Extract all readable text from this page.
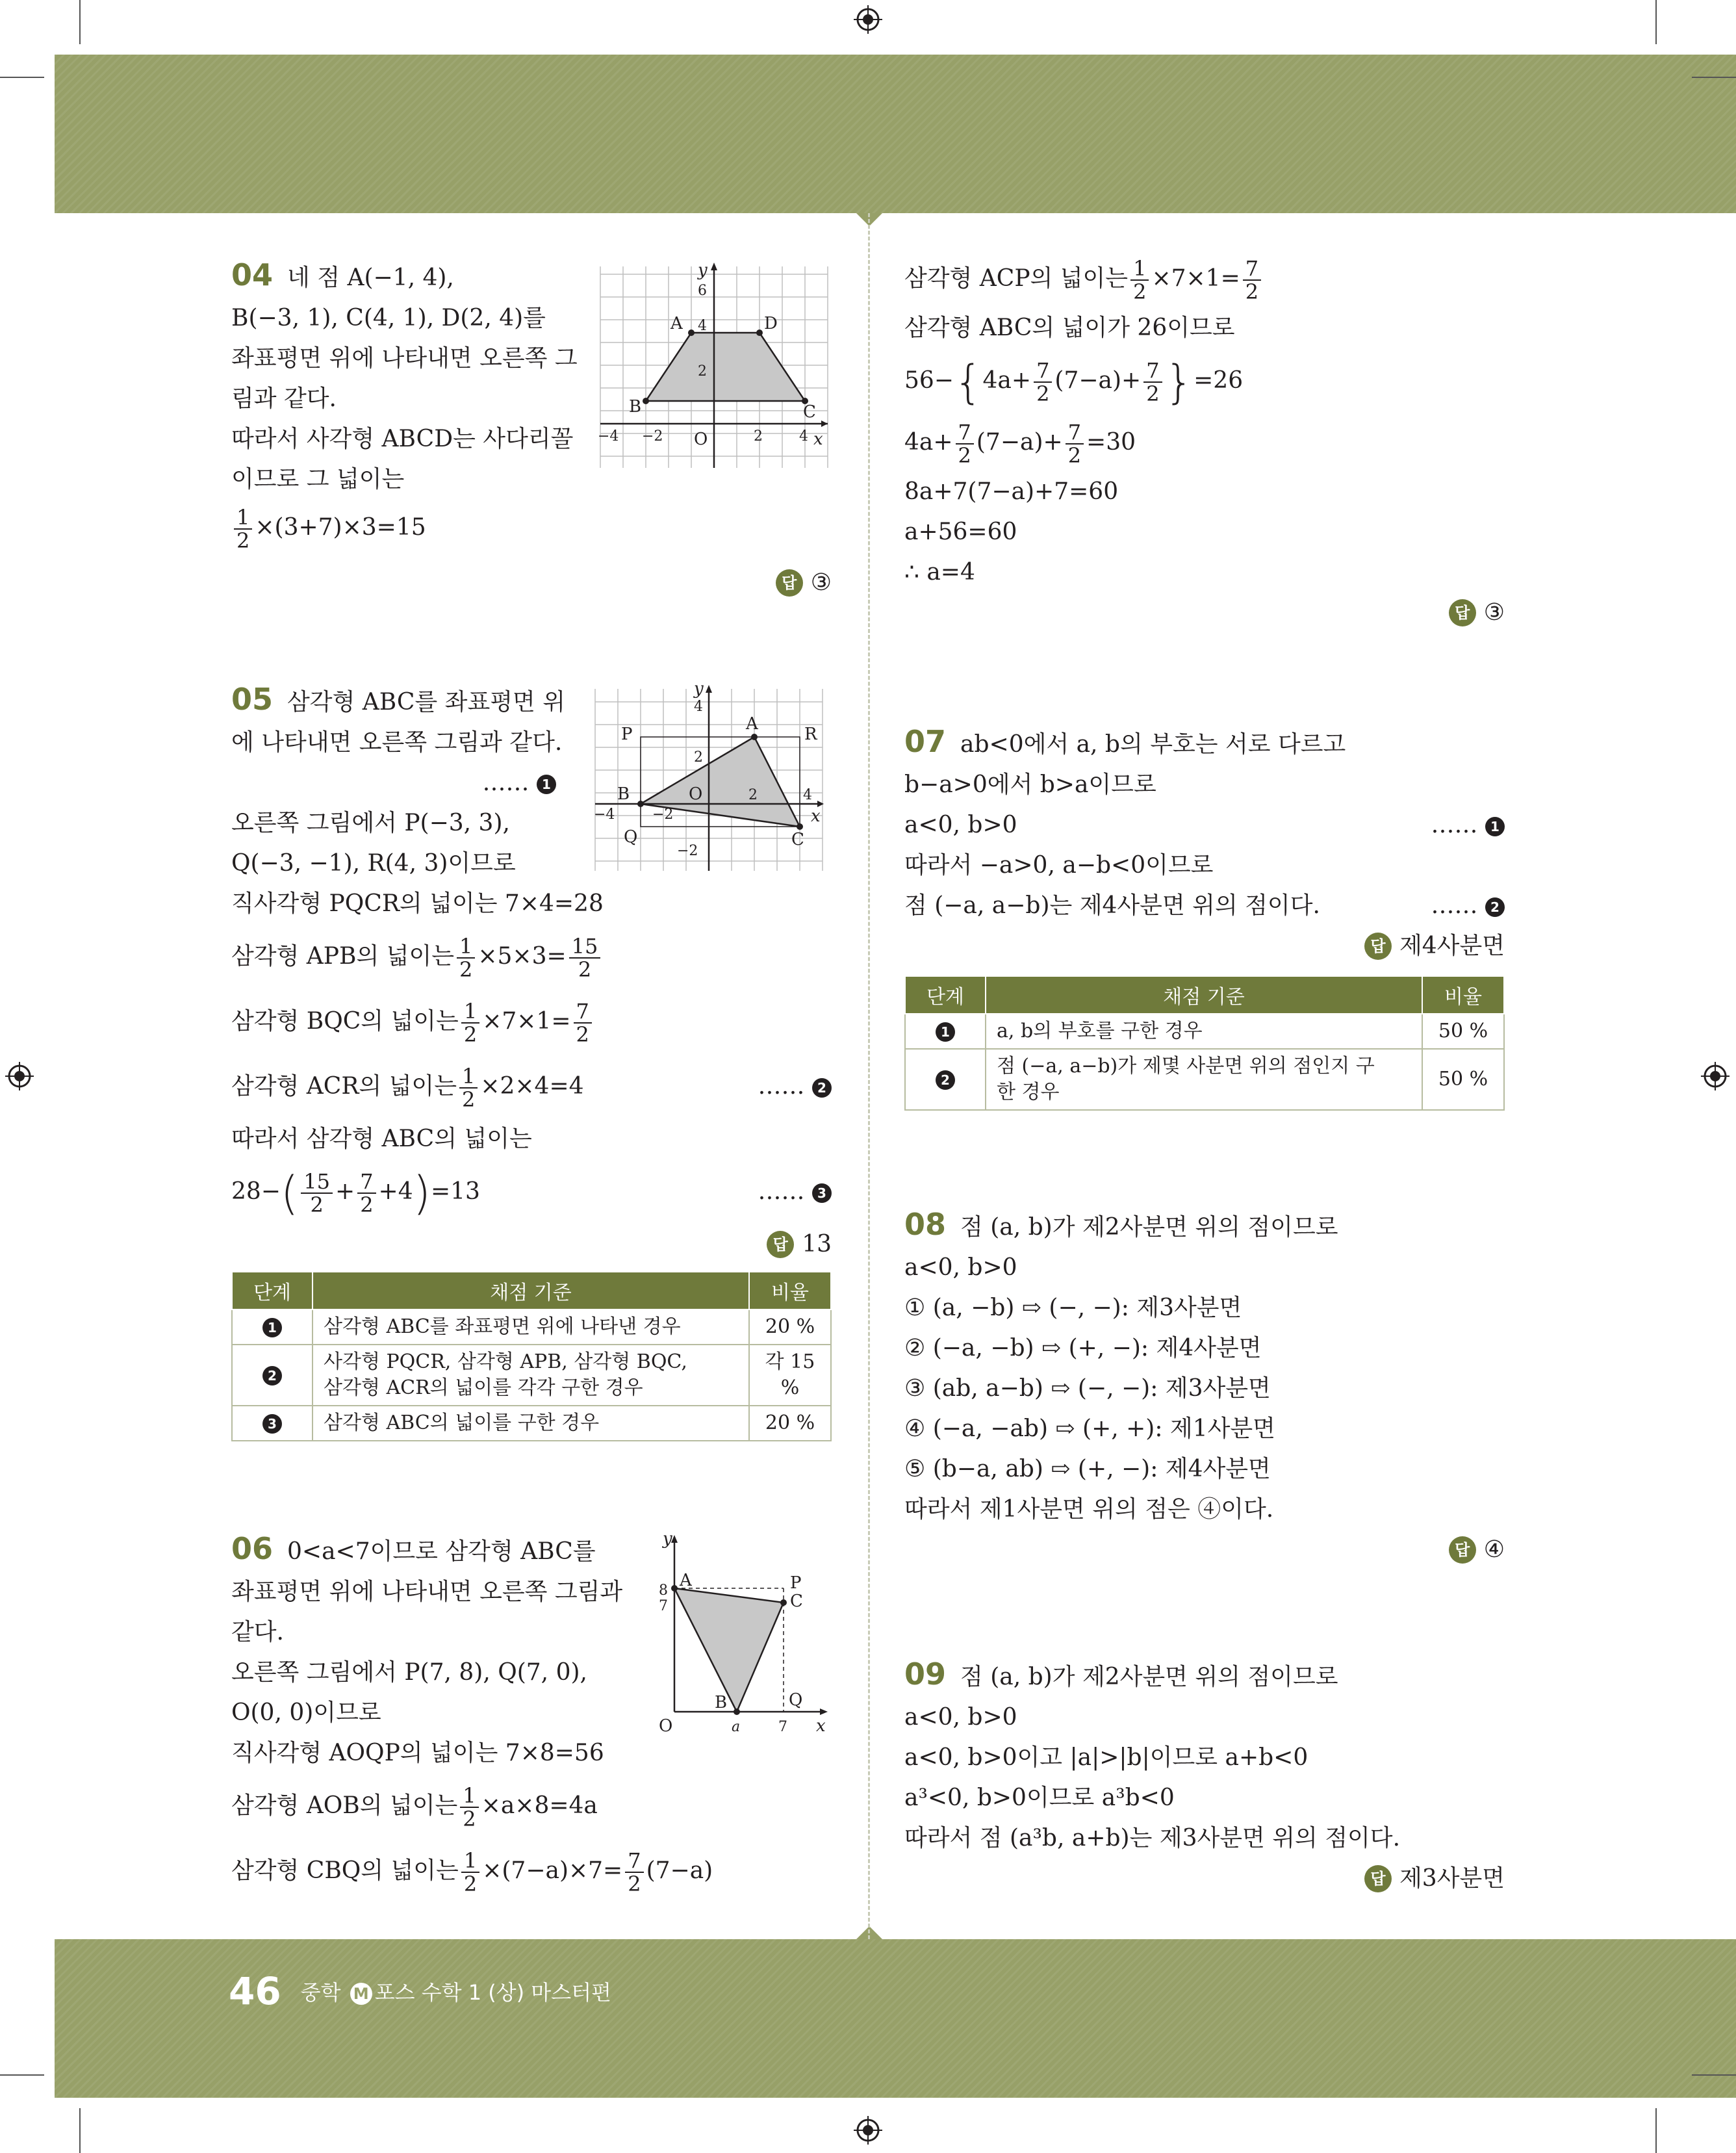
04 네 점 A(−1, 4),
B(−3, 1), C(4, 1), D(2, 4)를
좌표평면 위에 나타내면 오른쪽 그
림과 같다.
따라서 사각형 ABCD는 사다리꼴
이므로 그 넓이는
$\frac{1}{2} \times(3+7)\times 3=15$
A	D
B	C
O
y
x
6
4
2
−4 −2	2	4
답 ③
05 삼각형 ABC를 좌표평면 위
에 나타내면 오른쪽 그림과 같다.
…… 1
오른쪽 그림에서 P(−3, 3),
Q(−3, −1), R(4, 3)이므로
직사각형 PQCR의 넓이는 7×4=28
삼각형 APB의 넓이는 $\frac{1}{2} \times 5\times 3= \frac{15}{2}$
삼각형 BQC의 넓이는 $\frac{1}{2} \times 7\times 1= \frac{7}{2}$
삼각형 ACR의 넓이는 $\frac{1}{2} \times 2\times 4=4$	…… 2
따라서 삼각형 ABC의 넓이는
$28-( \frac{15}{2} + \frac{7}{2} +4)=13$	…… 3
답 13
단계	채점 기준	비율
1	삼각형 ABC를 좌표평면 위에 나타낸 경우	20 %
2	사각형 PQCR, 삼각형 APB, 삼각형 BQC,
삼각형 ACR의 넓이를 각각 구한 경우	각 15 %
3	삼각형 ABC의 넓이를 구한 경우	20 %
P
A
R
B	O
Q	C
y
x
4
2
−4	−2
2	4
−2
06 0<a<7이므로 삼각형 ABC를
좌표평면 위에 나타내면 오른쪽 그림과
같다.
오른쪽 그림에서 P(7, 8), Q(7, 0),
O(0, 0)이므로
직사각형 AOQP의 넓이는 7×8=56
삼각형 AOB의 넓이는 $\frac{1}{2} \times a\times 8=4a$
삼각형 CBQ의 넓이는 $\frac{1}{2} \times(7-a)\times 7= \frac{7}{2} (7-a)$
y
A	P
C
8
7
B	Q
O	a	7 x
삼각형 ACP의 넓이는 $\frac{1}{2} \times 7\times 1= \frac{7}{2}$
삼각형 ABC의 넓이가 26이므로
$56-\{4a+ \frac{7}{2} (7-a)+ \frac{7}{2} \}=26$
$4a+ \frac{7}{2} (7-a)+ \frac{7}{2} =30$
8a+7(7−a)+7=60
a+56=60
∴ a=4
답 ③
07 ab<0에서 a, b의 부호는 서로 다르고
b−a>0에서 b>a이므로
a<0, b>0	…… 1
따라서 −a>0, a−b<0이므로
점 (−a, a−b)는 제4사분면 위의 점이다.	…… 2
답 제4사분면
단계	채점 기준	비율
1	a, b의 부호를 구한 경우	50 %
2	점 (−a, a−b)가 제몇 사분면 위의 점인지 구
한 경우	50 %
08 점 (a, b)가 제2사분면 위의 점이므로
a<0, b>0
① (a, −b) ⇨ (−, −): 제3사분면
② (−a, −b) ⇨ (+, −): 제4사분면
③ (ab, a−b) ⇨ (−, −): 제3사분면
④ (−a, −ab) ⇨ (+, +): 제1사분면
⑤ (b−a, ab) ⇨ (+, −): 제4사분면
따라서 제1사분면 위의 점은 ④이다.
답 ④
09 점 (a, b)가 제2사분면 위의 점이므로
a<0, b>0
a<0, b>0이고 |a|>|b|이므로 a+b<0
a³<0, b>0이므로 a³b<0
따라서 점 (a³b, a+b)는 제3사분면 위의 점이다.
답 제3사분면
46 중학 M 포스 수학 1 (상) 마스터편
